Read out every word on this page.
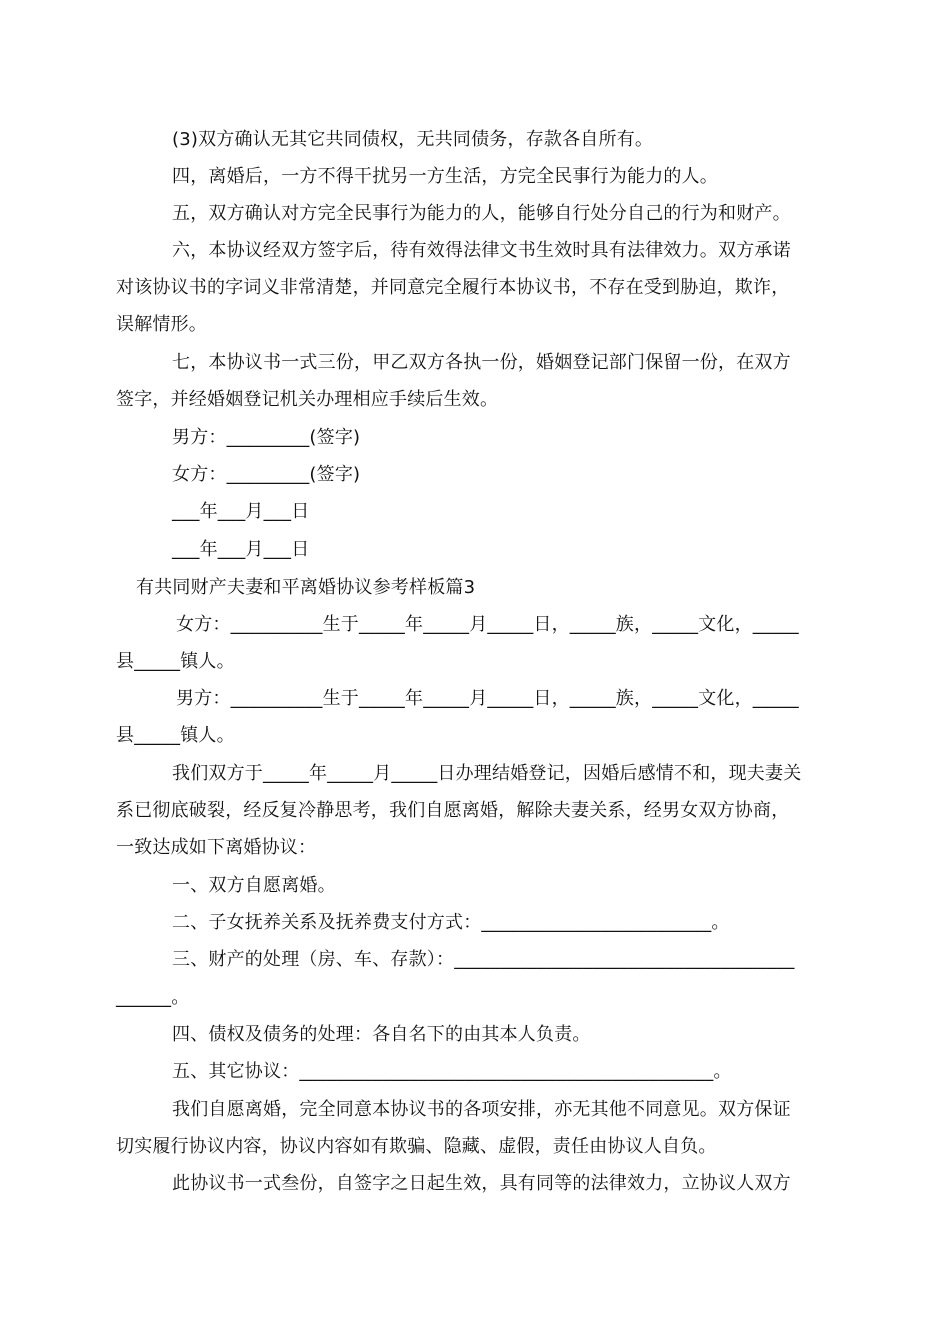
(3)双方确认无其它共同债权，无共同债务，存款各自所有。
四，离婚后，一方不得干扰另一方生活，方完全民事行为能力的人。
五，双方确认对方完全民事行为能力的人，能够自行处分自己的行为和财产。
六，本协议经双方签字后，待有效得法律文书生效时具有法律效力。双方承诺
对该协议书的字词义非常清楚，并同意完全履行本协议书，不存在受到胁迫，欺诈，
误解情形。
七，本协议书一式三份，甲乙双方各执一份，婚姻登记部门保留一份，在双方
签字，并经婚姻登记机关办理相应手续后生效。
男方：_________(签字)
女方：_________(签字)
___年___月___日
___年___月___日
有共同财产夫妻和平离婚协议参考样板篇3
女方：__________生于_____年_____月_____日，_____族，_____文化，_____
县_____镇人。
男方：__________生于_____年_____月_____日，_____族，_____文化，_____
县_____镇人。
我们双方于_____年_____月_____日办理结婚登记，因婚后感情不和，现夫妻关
系已彻底破裂，经反复冷静思考，我们自愿离婚，解除夫妻关系，经男女双方协商，
一致达成如下离婚协议：
一、双方自愿离婚。
二、子女抚养关系及抚养费支付方式：_________________________。
三、财产的处理（房、车、存款）：_____________________________________
______。
四、债权及债务的处理：各自名下的由其本人负责。
五、其它协议：_____________________________________________。
我们自愿离婚，完全同意本协议书的各项安排，亦无其他不同意见。双方保证
切实履行协议内容，协议内容如有欺骗、隐藏、虚假，责任由协议人自负。
此协议书一式叁份，自签字之日起生效，具有同等的法律效力，立协议人双方
